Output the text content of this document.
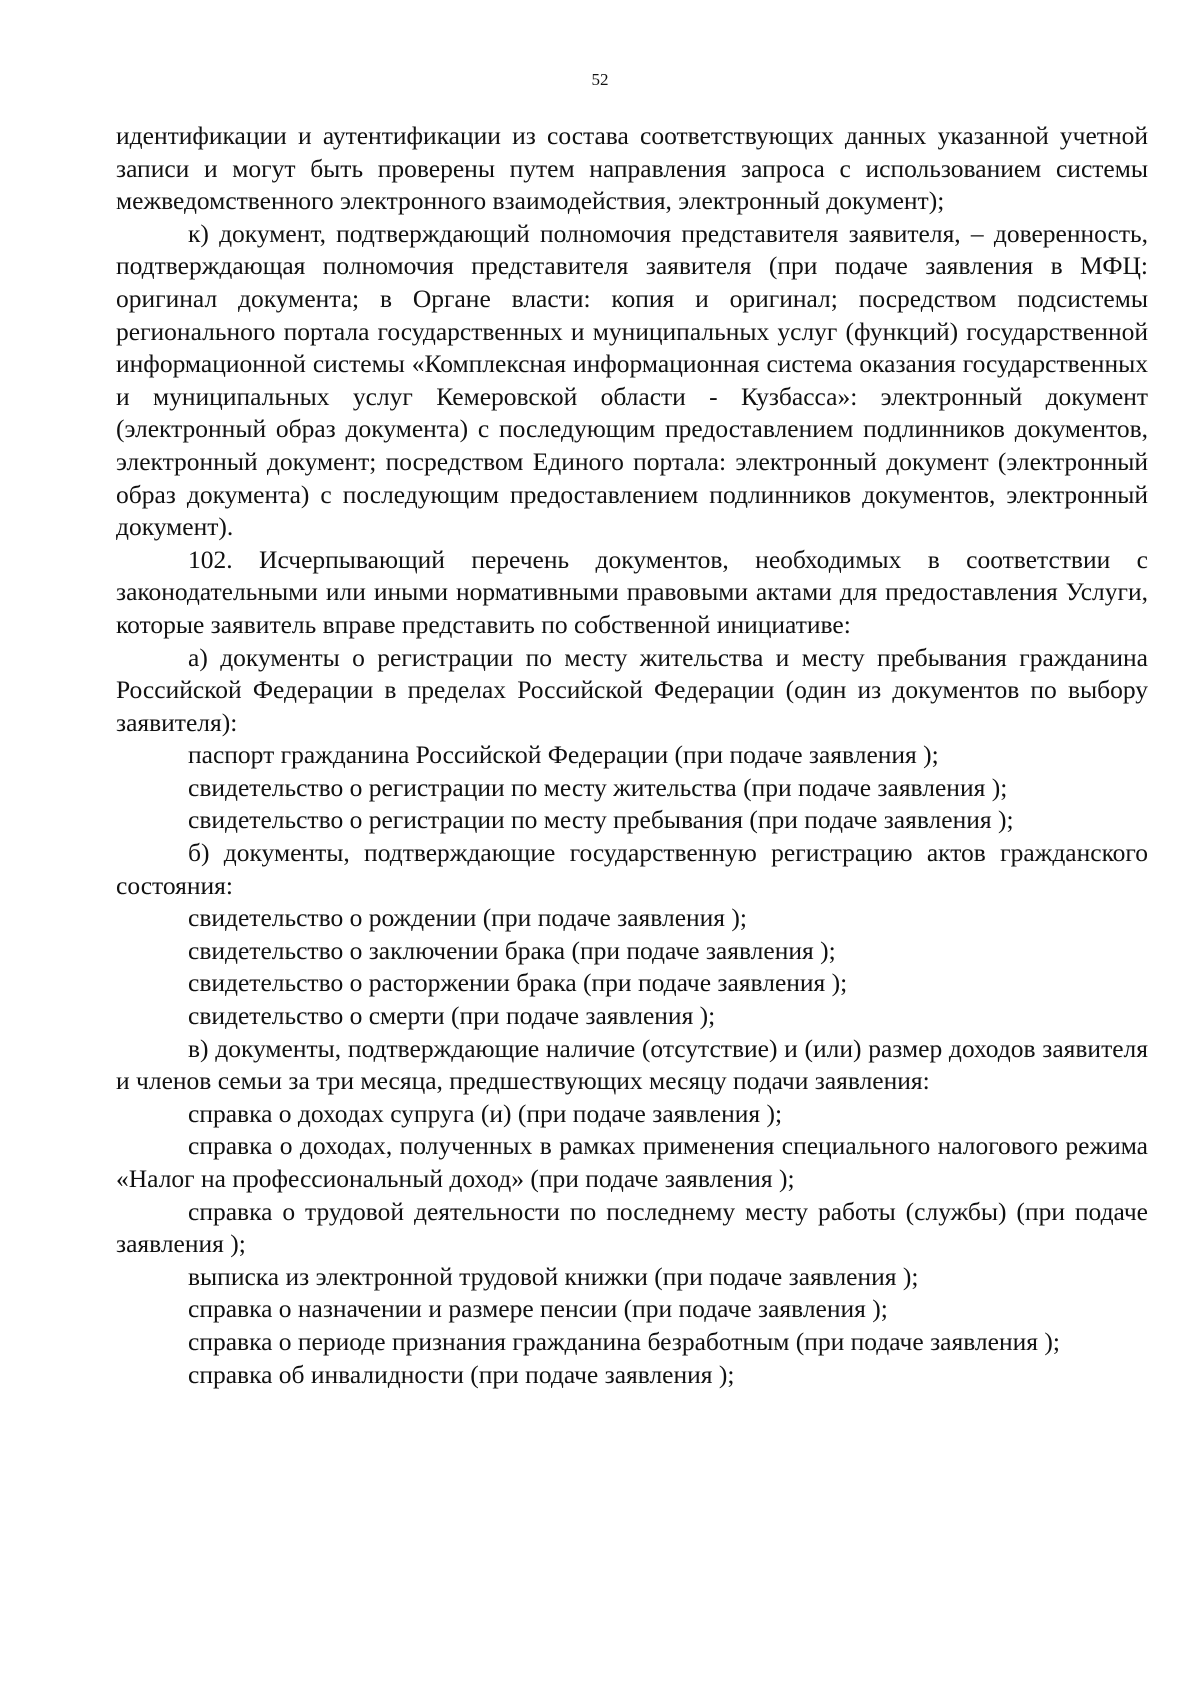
52

идентификации и аутентификации из состава соответствующих данных указанной учетной записи и могут быть проверены путем направления запроса с использованием системы межведомственного электронного взаимодействия, электронный документ);

к) документ, подтверждающий полномочия представителя заявителя, – доверенность, подтверждающая полномочия представителя заявителя (при подаче заявления в МФЦ: оригинал документа; в Органе власти: копия и оригинал; посредством подсистемы регионального портала государственных и муниципальных услуг (функций) государственной информационной системы «Комплексная информационная система оказания государственных и муниципальных услуг Кемеровской области - Кузбасса»: электронный документ (электронный образ документа) с последующим предоставлением подлинников документов, электронный документ; посредством Единого портала: электронный документ (электронный образ документа) с последующим предоставлением подлинников документов, электронный документ).

102. Исчерпывающий перечень документов, необходимых в соответствии с законодательными или иными нормативными правовыми актами для предоставления Услуги, которые заявитель вправе представить по собственной инициативе:

а) документы о регистрации по месту жительства и месту пребывания гражданина Российской Федерации в пределах Российской Федерации (один из документов по выбору заявителя):

паспорт гражданина Российской Федерации (при подаче заявления );

свидетельство о регистрации по месту жительства (при подаче заявления );

свидетельство о регистрации по месту пребывания (при подаче заявления );

б) документы, подтверждающие государственную регистрацию актов гражданского состояния:

свидетельство о рождении (при подаче заявления );

свидетельство о заключении брака (при подаче заявления );

свидетельство о расторжении брака (при подаче заявления );

свидетельство о смерти (при подаче заявления );

в) документы, подтверждающие наличие (отсутствие) и (или) размер доходов заявителя и членов семьи за три месяца, предшествующих месяцу подачи заявления:

справка о доходах супруга (и) (при подаче заявления );

справка о доходах, полученных в рамках применения специального налогового режима «Налог на профессиональный доход» (при подаче заявления );

справка о трудовой деятельности по последнему месту работы (службы) (при подаче заявления );

выписка из электронной трудовой книжки (при подаче заявления );

справка о назначении и размере пенсии (при подаче заявления );

справка о периоде признания гражданина безработным (при подаче заявления );

справка об инвалидности (при подаче заявления );
